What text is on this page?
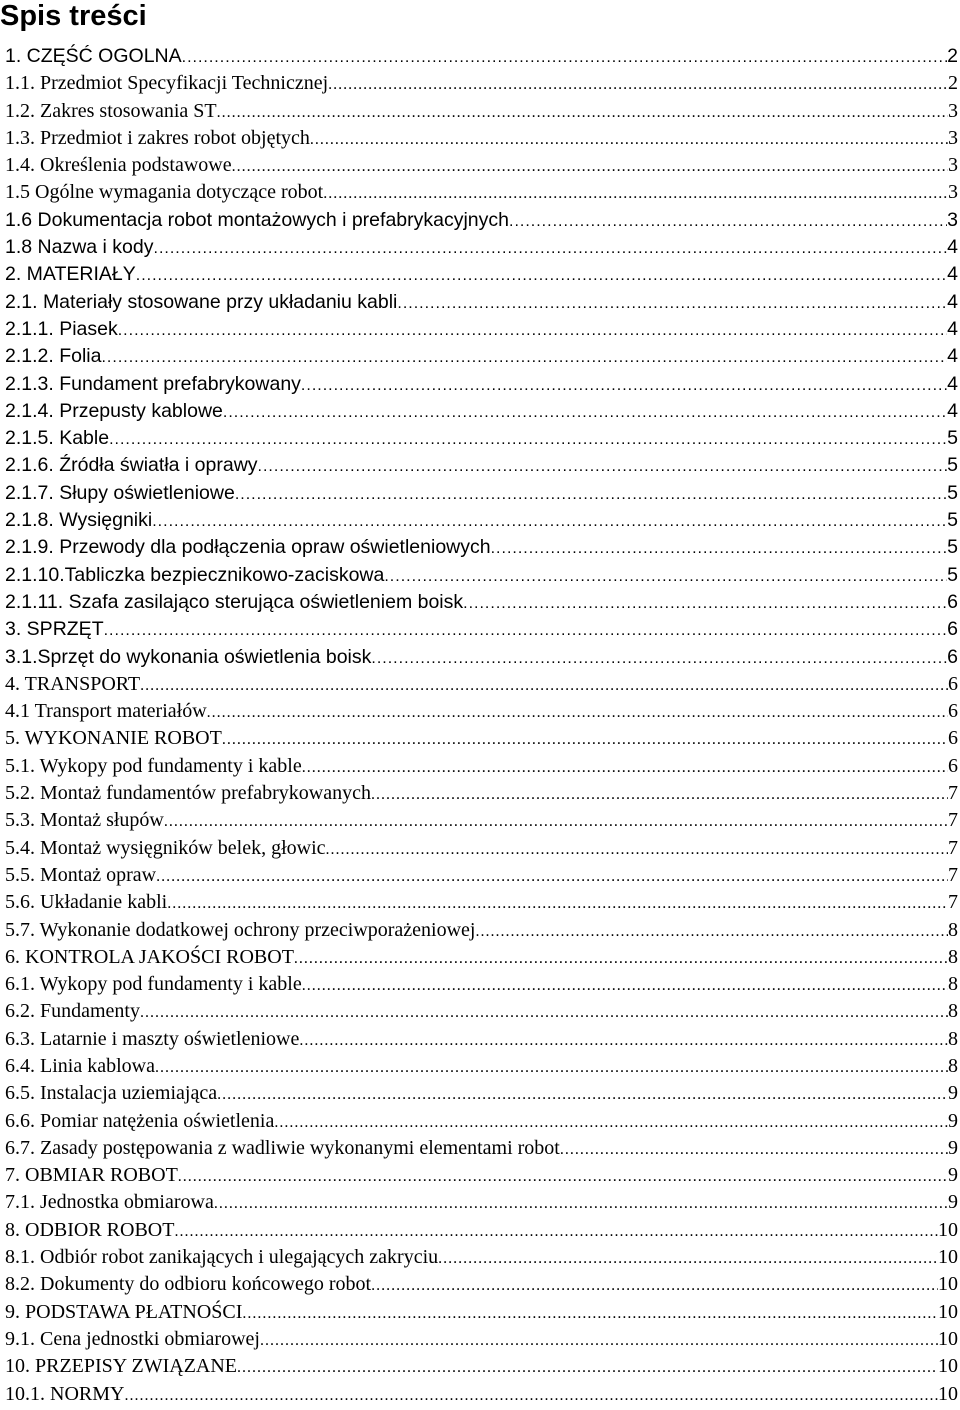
Spis treści
1. CZĘŚĆ OGOLNA .....	2
1.1. Przedmiot Specyfikacji Technicznej .....	2
1.2. Zakres stosowania ST .....	3
1.3. Przedmiot i zakres robot objętych .....	3
1.4. Określenia podstawowe .....	3
1.5 Ogólne wymagania dotyczące robot .....	3
1.6 Dokumentacja robot montażowych i prefabrykacyjnych .....	3
1.8 Nazwa i kody .....	4
2. MATERIAŁY .....	4
2.1. Materiały stosowane przy układaniu kabli .....	4
2.1.1. Piasek .....	4
2.1.2. Folia .....	4
2.1.3. Fundament prefabrykowany .....	4
2.1.4. Przepusty kablowe .....	4
2.1.5. Kable .....	5
2.1.6. Źródła światła i oprawy .....	5
2.1.7. Słupy oświetleniowe .....	5
2.1.8. Wysięgniki .....	5
2.1.9. Przewody dla podłączenia opraw oświetleniowych .....	5
2.1.10.Tabliczka bezpiecznikowo-zaciskowa .....	5
2.1.11. Szafa zasilająco sterująca oświetleniem boisk .....	6
3. SPRZĘT .....	6
3.1.Sprzęt do wykonania oświetlenia boisk .....	6
4. TRANSPORT .....	6
4.1 Transport materiałów .....	6
5. WYKONANIE ROBOT .....	6
5.1. Wykopy pod fundamenty i kable .....	6
5.2. Montaż fundamentów prefabrykowanych .....	7
5.3. Montaż słupów .....	7
5.4. Montaż wysięgników belek, głowic .....	7
5.5. Montaż opraw .....	7
5.6. Układanie kabli .....	7
5.7. Wykonanie dodatkowej ochrony przeciwporażeniowej .....	8
6. KONTROLA JAKOŚCI ROBOT .....	8
6.1. Wykopy pod fundamenty i kable .....	8
6.2. Fundamenty .....	8
6.3. Latarnie i maszty oświetleniowe .....	8
6.4. Linia kablowa .....	8
6.5. Instalacja uziemiająca .....	9
6.6. Pomiar natężenia oświetlenia .....	9
6.7. Zasady postępowania z wadliwie wykonanymi elementami robot .....	9
7. OBMIAR ROBOT .....	9
7.1. Jednostka obmiarowa .....	9
8. ODBIOR ROBOT .....	10
8.1. Odbiór robot zanikających i ulegających zakryciu .....	10
8.2. Dokumenty do odbioru końcowego robot .....	10
9. PODSTAWA PŁATNOŚCI .....	10
9.1. Cena jednostki obmiarowej .....	10
10. PRZEPISY ZWIĄZANE .....	10
10.1. NORMY .....	10
